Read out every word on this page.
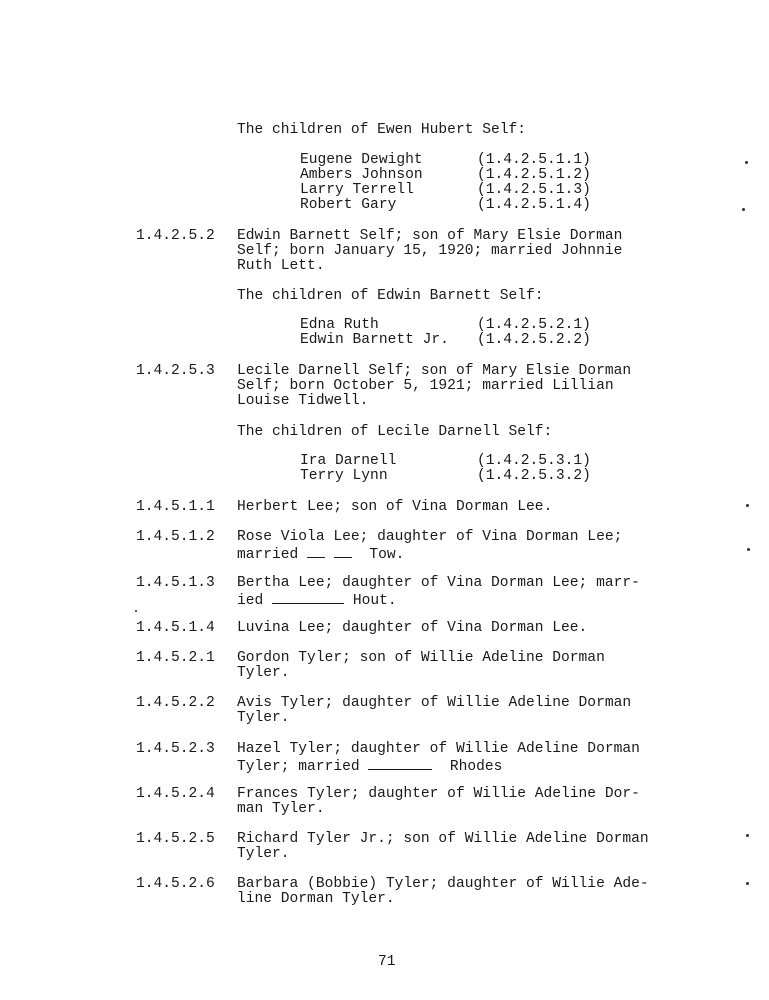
The children of Ewen Hubert Self:
Eugene Dewight	(1.4.2.5.1.1)
Ambers Johnson	(1.4.2.5.1.2)
Larry Terrell	(1.4.2.5.1.3)
Robert Gary	(1.4.2.5.1.4)
1.4.2.5.2 Edwin Barnett Self; son of Mary Elsie Dorman
Self; born January 15, 1920; married Johnnie
Ruth Lett.
The children of Edwin Barnett Self:
Edna Ruth	(1.4.2.5.2.1)
Edwin Barnett Jr. (1.4.2.5.2.2)
1.4.2.5.3 Lecile Darnell Self; son of Mary Elsie Dorman
Self; born October 5, 1921; married Lillian
Louise Tidwell.
The children of Lecile Darnell Self:
Ira Darnell	(1.4.2.5.3.1)
Terry Lynn	(1.4.2.5.3.2)
1.4.5.1.1 Herbert Lee; son of Vina Dorman Lee.
1.4.5.1.2 Rose Viola Lee; daughter of Vina Dorman Lee;
married	Tow.
1.4.5.1.3 Bertha Lee; daughter of Vina Dorman Lee; marr-
ied	Hout.
1.4.5.1.4 Luvina Lee; daughter of Vina Dorman Lee.
1.4.5.2.1 Gordon Tyler; son of Willie Adeline Dorman
Tyler.
1.4.5.2.2 Avis Tyler; daughter of Willie Adeline Dorman
Tyler.
1.4.5.2.3 Hazel Tyler; daughter of Willie Adeline Dorman
Tyler; married	Rhodes
1.4.5.2.4 Frances Tyler; daughter of Willie Adeline Dor-
man Tyler.
1.4.5.2.5 Richard Tyler Jr.; son of Willie Adeline Dorman
Tyler.
1.4.5.2.6 Barbara (Bobbie) Tyler; daughter of Willie Ade-
line Dorman Tyler.
71
